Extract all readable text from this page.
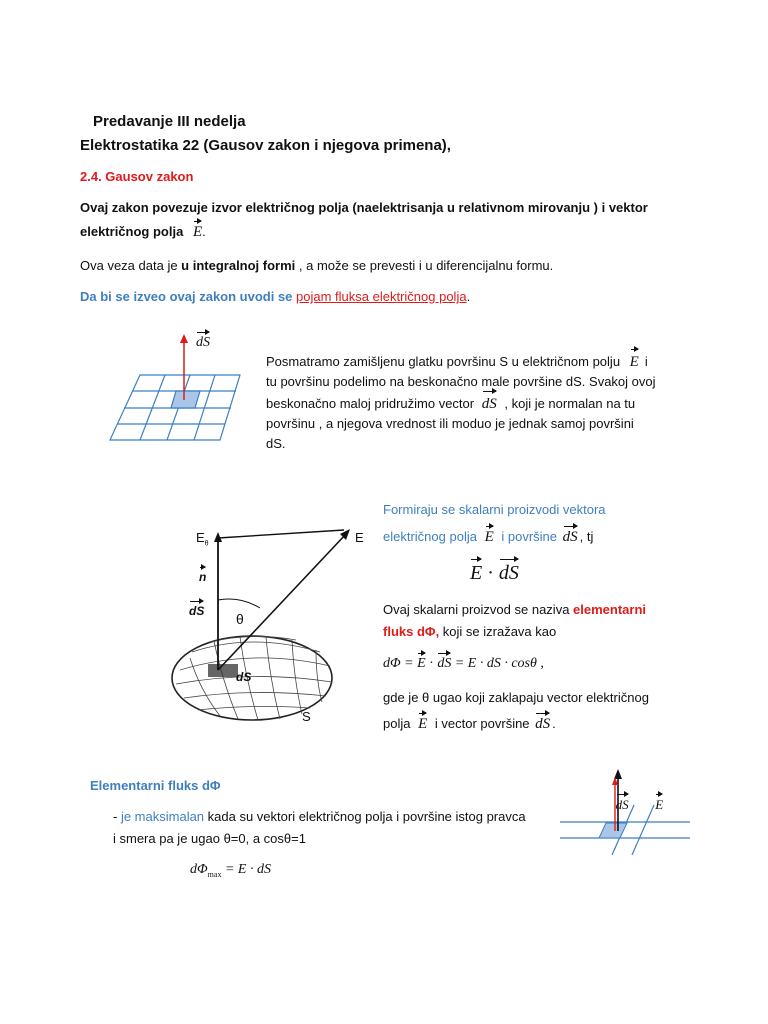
Predavanje III nedelja
Elektrostatika 22 (Gausov zakon i njegova primena),
2.4. Gausov zakon
Ovaj zakon povezuje izvor električnog polja (naelektrisanja u relativnom mirovanju ) i vektor
električnog polja E.
Ova veza data je u integralnoj formi , a može se prevesti i u diferencijalnu formu.
Da bi se izveo ovaj zakon uvodi se pojam fluksa električnog polja.
dS
Posmatramo zamišljenu glatku površinu S u električnom polju E i
tu površinu podelimo na beskonačno male površine dS. Svakoj ovoj
beskonačno maloj pridružimo vector dS , koji je normalan na tu
površinu , a njegova vrednost ili moduo je jednak samoj površini
dS.
$E_\theta$	E
n
dS θ
dS
S
Formiraju se skalarni proizvodi vektora
električnog polja E i površine dS , tj
E · dS
Ovaj skalarni proizvod se naziva elementarni
fluks dΦ, koji se izražava kao
dΦ = E · dS = E · dS · cosθ ,
gde je θ ugao koji zaklapaju vector električnog
polja E i vector površine dS .
Elementarni fluks dΦ
- je maksimalan kada su vektori električnog polja i površine istog pravca
i smera pa je ugao θ=0, a cosθ=1
$d\Phi_{max} = E$ · dS
dS E
